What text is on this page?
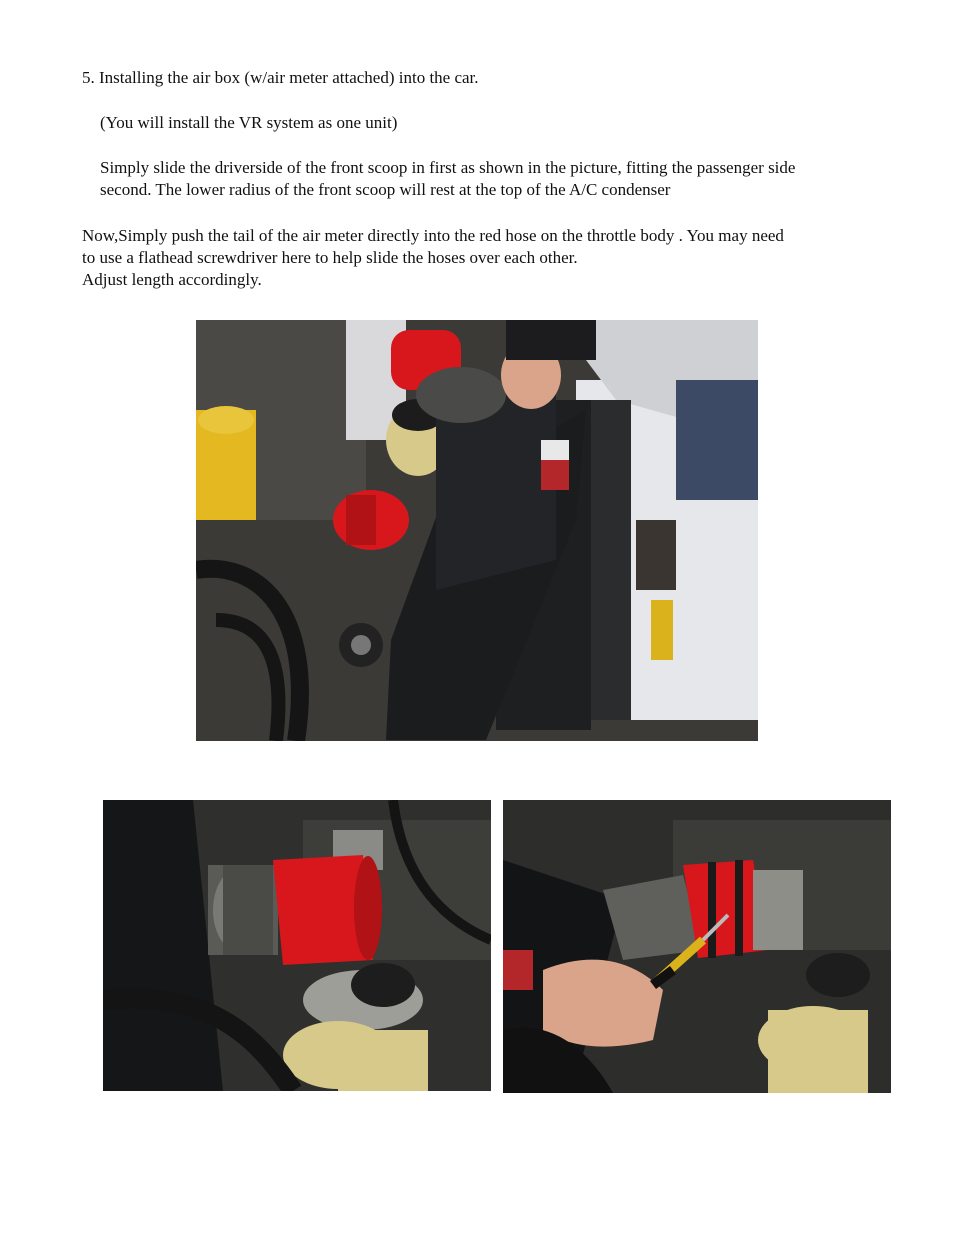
5. Installing the air box (w/air meter attached) into the car.
(You will install the VR system as one unit)
Simply slide the driverside of the front scoop in first as shown in the picture, fitting the passenger side
second. The lower radius of the front scoop will rest at the top of the A/C condenser
Now,Simply push the tail of the air meter directly into the red hose on the throttle body . You may need
to use a flathead screwdriver here to help slide the hoses over each other.
Adjust length accordingly.
